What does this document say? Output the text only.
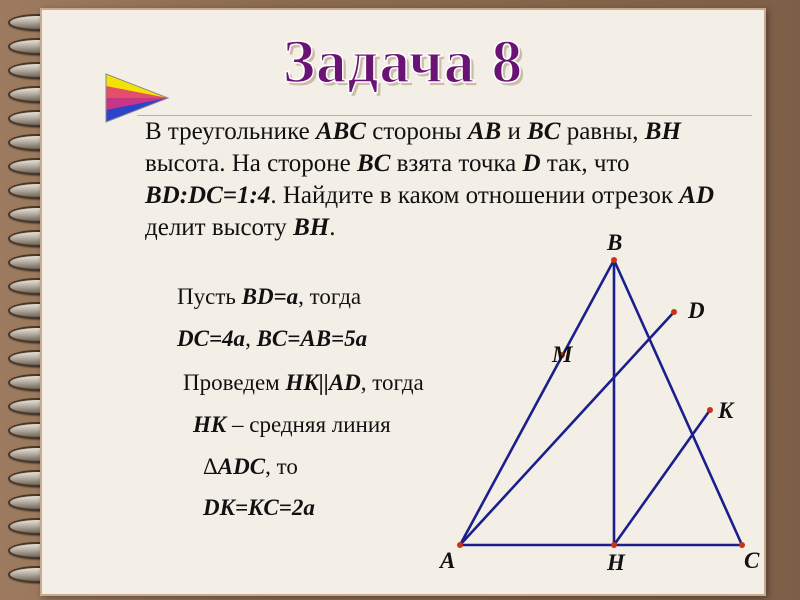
Задача 8
В треугольнике ABC стороны AB и BC равны, BH высота. На стороне BC взята точка D так, что BD:DC=1:4. Найдите в каком отношении отрезок AD делит высоту BH.
Пусть BD=a, тогда
DC=4a, BC=AB=5a
Проведем HK||AD, тогда
HK – средняя линия
ΔADC, то
DK=KC=2a
B
D
M
K
A	H	C
